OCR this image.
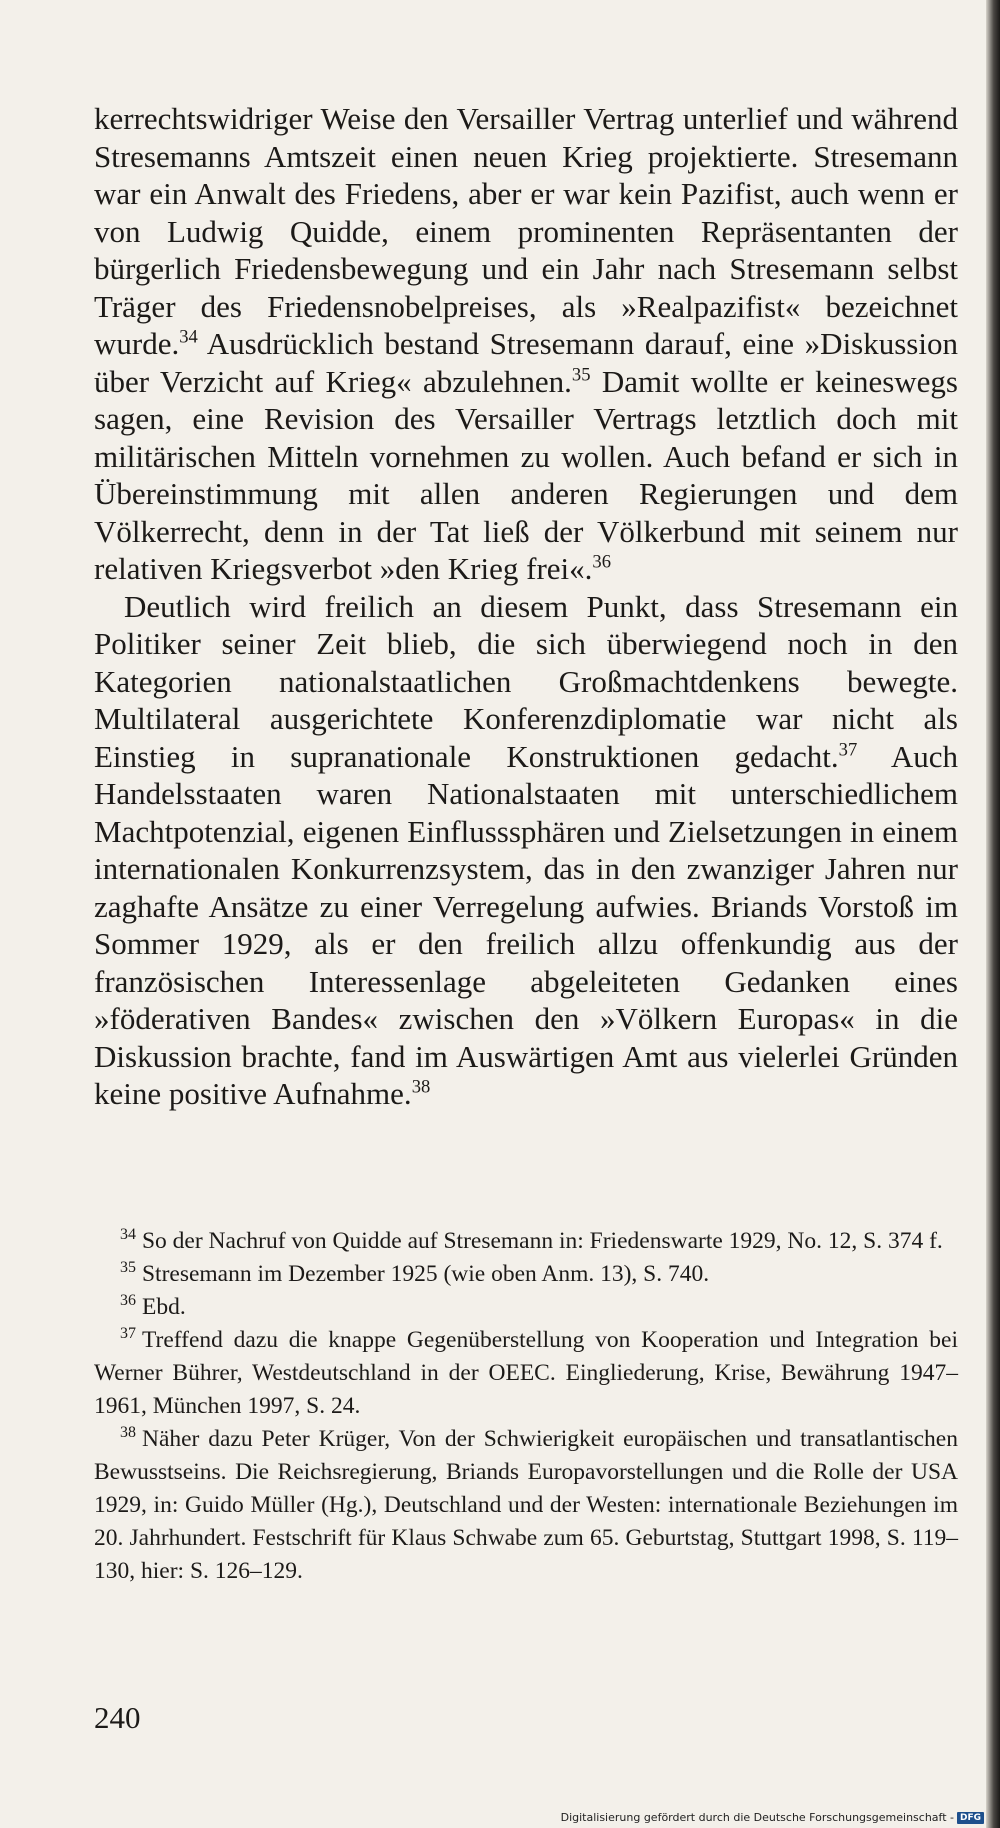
kerrechtswidriger Weise den Versailler Vertrag unterlief und während Stresemanns Amtszeit einen neuen Krieg projektierte. Stresemann war ein Anwalt des Friedens, aber er war kein Pazifist, auch wenn er von Ludwig Quidde, einem prominenten Repräsentanten der bürgerlich Friedensbewegung und ein Jahr nach Stresemann selbst Träger des Friedensnobelpreises, als »Realpazifist« bezeichnet wurde.$^{34}$ Ausdrücklich bestand Stresemann darauf, eine »Diskussion über Verzicht auf Krieg« abzulehnen.$^{35}$ Damit wollte er keineswegs sagen, eine Revision des Versailler Vertrags letztlich doch mit militärischen Mitteln vornehmen zu wollen. Auch befand er sich in Übereinstimmung mit allen anderen Regierungen und dem Völkerrecht, denn in der Tat ließ der Völkerbund mit seinem nur relativen Kriegsverbot »den Krieg frei«.$^{36}$

Deutlich wird freilich an diesem Punkt, dass Stresemann ein Politiker seiner Zeit blieb, die sich überwiegend noch in den Kategorien nationalstaatlichen Großmachtdenkens bewegte. Multilateral ausgerichtete Konferenzdiplomatie war nicht als Einstieg in supranationale Konstruktionen gedacht.$^{37}$ Auch Handelsstaaten waren Nationalstaaten mit unterschiedlichem Machtpotenzial, eigenen Einflusssphären und Zielsetzungen in einem internationalen Konkurrenzsystem, das in den zwanziger Jahren nur zaghafte Ansätze zu einer Verregelung aufwies. Briands Vorstoß im Sommer 1929, als er den freilich allzu offenkundig aus der französischen Interessenlage abgeleiteten Gedanken eines »föderativen Bandes« zwischen den »Völkern Europas« in die Diskussion brachte, fand im Auswärtigen Amt aus vielerlei Gründen keine positive Aufnahme.$^{38}$

$^{34}$ So der Nachruf von Quidde auf Stresemann in: Friedenswarte 1929, No. 12, S. 374 f.

$^{35}$ Stresemann im Dezember 1925 (wie oben Anm. 13), S. 740.

$^{36}$ Ebd.

$^{37}$ Treffend dazu die knappe Gegenüberstellung von Kooperation und Integration bei Werner Bührer, Westdeutschland in der OEEC. Eingliederung, Krise, Bewährung 1947–1961, München 1997, S. 24.

$^{38}$ Näher dazu Peter Krüger, Von der Schwierigkeit europäischen und transatlantischen Bewusstseins. Die Reichsregierung, Briands Europavorstellungen und die Rolle der USA 1929, in: Guido Müller (Hg.), Deutschland und der Westen: internationale Beziehungen im 20. Jahrhundert. Festschrift für Klaus Schwabe zum 65. Geburtstag, Stuttgart 1998, S. 119–130, hier: S. 126–129.

240
Digitalisierung gefördert durch die Deutsche Forschungsgemeinschaft - DFG
